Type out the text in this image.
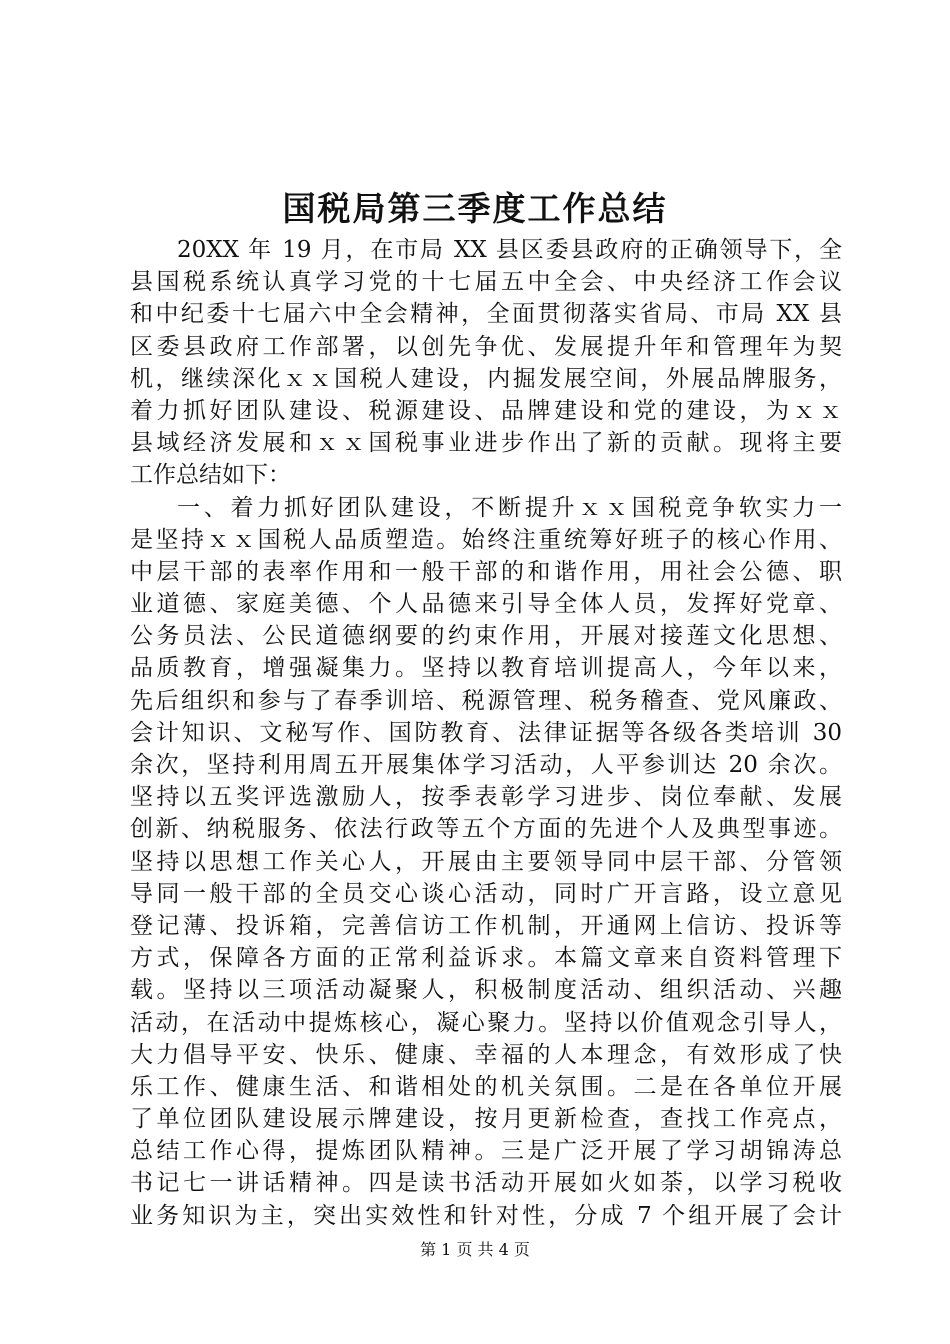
国税局第三季度工作总结
20XX 年 19 月，在市局 XX 县区委县政府的正确领导下，全
县国税系统认真学习党的十七届五中全会、中央经济工作会议
和中纪委十七届六中全会精神，全面贯彻落实省局、市局 XX 县
区委县政府工作部署，以创先争优、发展提升年和管理年为契
机，继续深化ｘｘ国税人建设，内掘发展空间，外展品牌服务，
着力抓好团队建设、税源建设、品牌建设和党的建设，为ｘｘ
县域经济发展和ｘｘ国税事业进步作出了新的贡献。现将主要
工作总结如下：
一、着力抓好团队建设，不断提升ｘｘ国税竞争软实力一
是坚持ｘｘ国税人品质塑造。始终注重统筹好班子的核心作用、
中层干部的表率作用和一般干部的和谐作用，用社会公德、职
业道德、家庭美德、个人品德来引导全体人员，发挥好党章、
公务员法、公民道德纲要的约束作用，开展对接莲文化思想、
品质教育，增强凝集力。坚持以教育培训提高人，今年以来，
先后组织和参与了春季训培、税源管理、税务稽查、党风廉政、
会计知识、文秘写作、国防教育、法律证据等各级各类培训 30
余次，坚持利用周五开展集体学习活动，人平参训达 20 余次。
坚持以五奖评选激励人，按季表彰学习进步、岗位奉献、发展
创新、纳税服务、依法行政等五个方面的先进个人及典型事迹。
坚持以思想工作关心人，开展由主要领导同中层干部、分管领
导同一般干部的全员交心谈心活动，同时广开言路，设立意见
登记薄、投诉箱，完善信访工作机制，开通网上信访、投诉等
方式，保障各方面的正常利益诉求。本篇文章来自资料管理下
载。坚持以三项活动凝聚人，积极制度活动、组织活动、兴趣
活动，在活动中提炼核心，凝心聚力。坚持以价值观念引导人，
大力倡导平安、快乐、健康、幸福的人本理念，有效形成了快
乐工作、健康生活、和谐相处的机关氛围。二是在各单位开展
了单位团队建设展示牌建设，按月更新检查，查找工作亮点，
总结工作心得，提炼团队精神。三是广泛开展了学习胡锦涛总
书记七一讲话精神。四是读书活动开展如火如荼，以学习税收
业务知识为主，突出实效性和针对性，分成 7 个组开展了会计
第 1 页 共 4 页
